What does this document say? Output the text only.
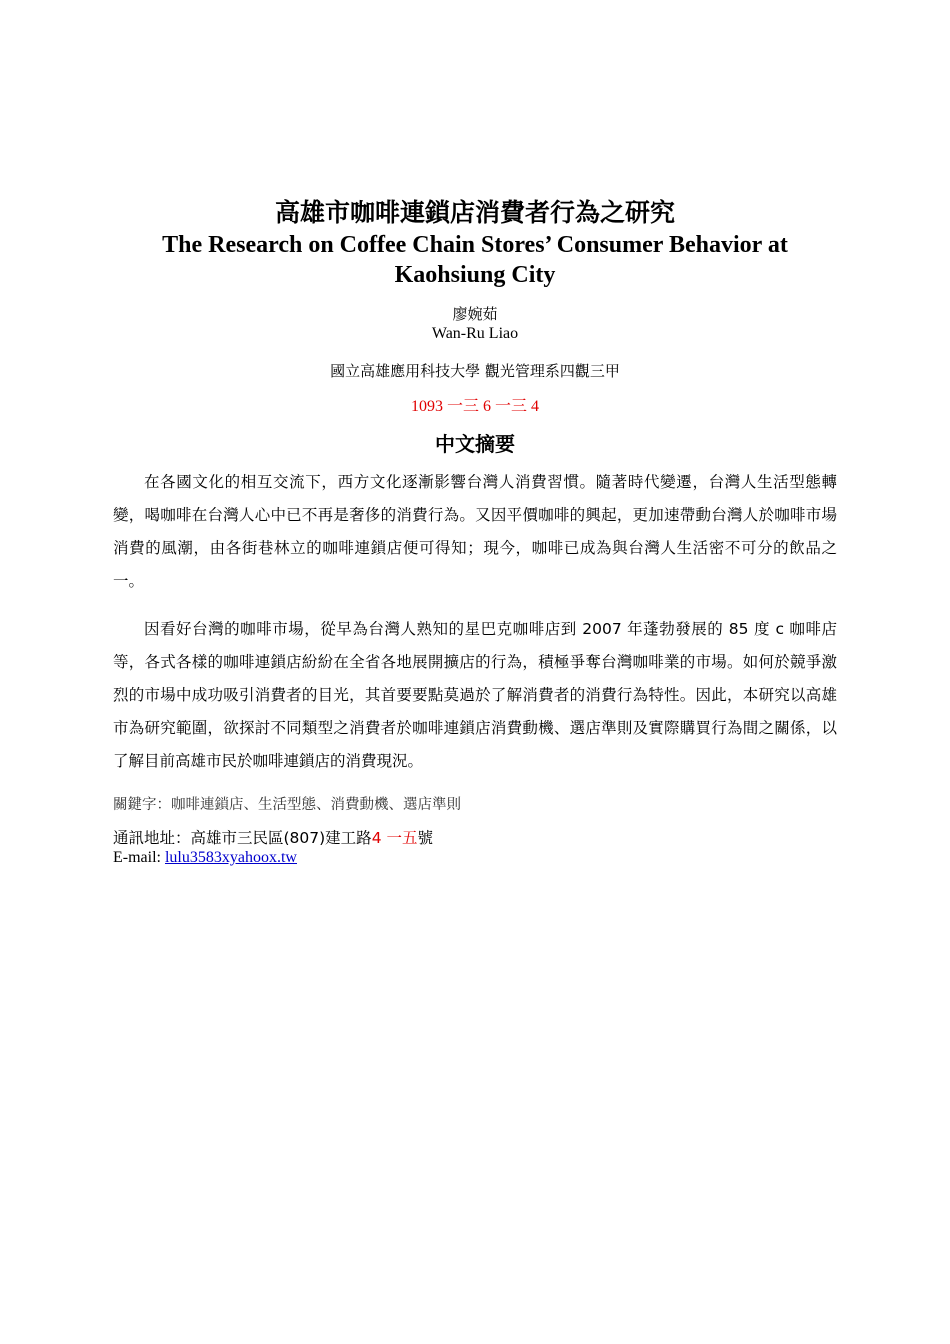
高雄市咖啡連鎖店消費者行為之研究
The Research on Coffee Chain Stores’ Consumer Behavior at
Kaohsiung City

廖婉茹

Wan-Ru Liao

國立高雄應用科技大學 觀光管理系四觀三甲

1093 一三 6 一三 4

中文摘要

在各國文化的相互交流下，西方文化逐漸影響台灣人消費習慣。隨著時代變遷，台灣人生活型態轉變，喝咖啡在台灣人心中已不再是奢侈的消費行為。又因平價咖啡的興起，更加速帶動台灣人於咖啡市場消費的風潮，由各街巷林立的咖啡連鎖店便可得知；現今，咖啡已成為與台灣人生活密不可分的飲品之一。

因看好台灣的咖啡市場，從早為台灣人熟知的星巴克咖啡店到 2007 年蓬勃發展的 85 度 c 咖啡店等，各式各樣的咖啡連鎖店紛紛在全省各地展開擴店的行為，積極爭奪台灣咖啡業的市場。如何於競爭激烈的市場中成功吸引消費者的目光，其首要要點莫過於了解消費者的消費行為特性。因此，本研究以高雄市為研究範圍，欲探討不同類型之消費者於咖啡連鎖店消費動機、選店準則及實際購買行為間之關係，以了解目前高雄市民於咖啡連鎖店的消費現況。

關鍵字：咖啡連鎖店、生活型態、消費動機、選店準則

通訊地址：高雄市三民區(807)建工路4 一五號

E-mail: lulu3583xyahoox.tw
